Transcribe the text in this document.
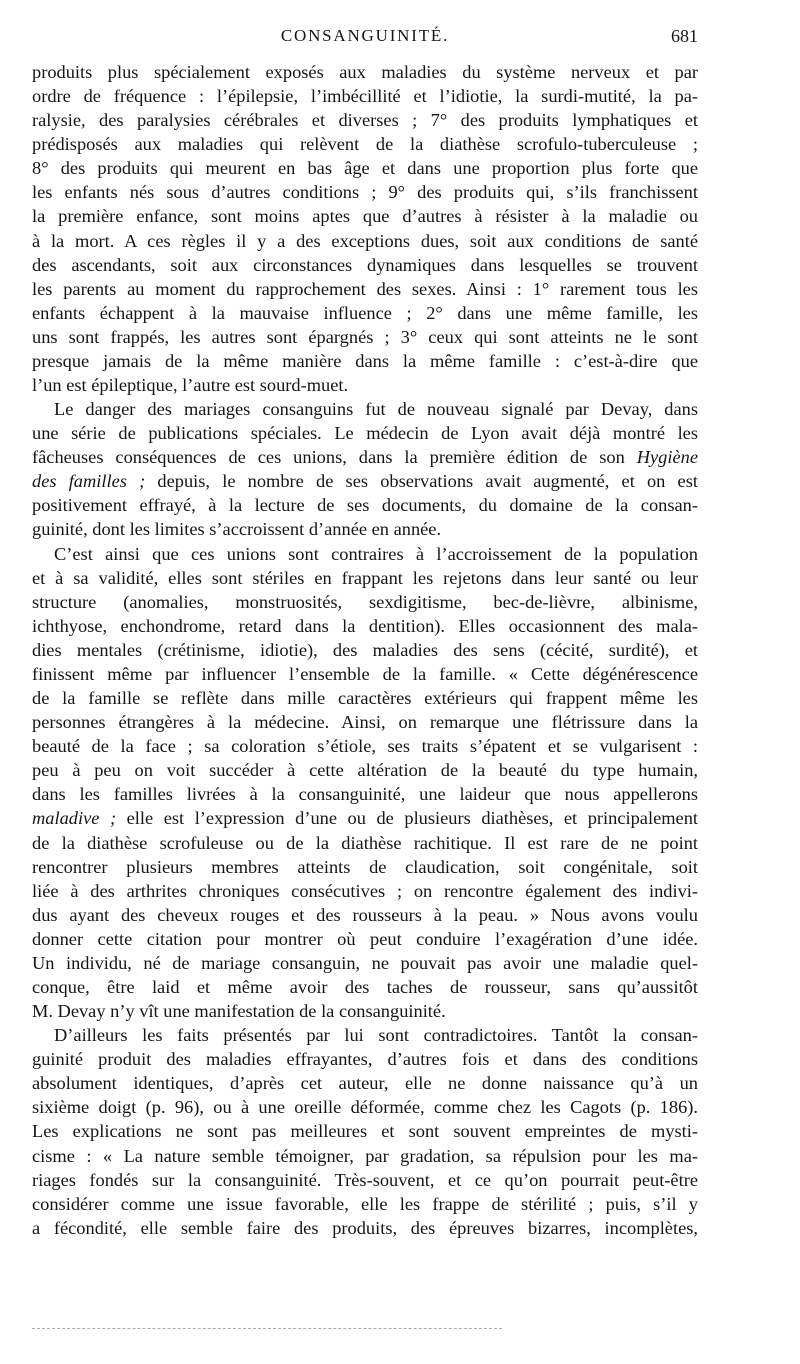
CONSANGUINITÉ.	681
produits plus spécialement exposés aux maladies du système nerveux et par
ordre de fréquence : l’épilepsie, l’imbécillité et l’idiotie, la surdi-mutité, la pa-
ralysie, des paralysies cérébrales et diverses ; 7° des produits lymphatiques et
prédisposés aux maladies qui relèvent de la diathèse scrofulo-tuberculeuse ;
8° des produits qui meurent en bas âge et dans une proportion plus forte que
les enfants nés sous d’autres conditions ; 9° des produits qui, s’ils franchissent
la première enfance, sont moins aptes que d’autres à résister à la maladie ou
à la mort. A ces règles il y a des exceptions dues, soit aux conditions de santé
des ascendants, soit aux circonstances dynamiques dans lesquelles se trouvent
les parents au moment du rapprochement des sexes. Ainsi : 1° rarement tous les
enfants échappent à la mauvaise influence ; 2° dans une même famille, les
uns sont frappés, les autres sont épargnés ; 3° ceux qui sont atteints ne le sont
presque jamais de la même manière dans la même famille : c’est-à-dire que
l’un est épileptique, l’autre est sourd-muet.
Le danger des mariages consanguins fut de nouveau signalé par Devay, dans
une série de publications spéciales. Le médecin de Lyon avait déjà montré les
fâcheuses conséquences de ces unions, dans la première édition de son Hygiène
des familles ; depuis, le nombre de ses observations avait augmenté, et on est
positivement effrayé, à la lecture de ses documents, du domaine de la consan-
guinité, dont les limites s’accroissent d’année en année.
C’est ainsi que ces unions sont contraires à l’accroissement de la population
et à sa validité, elles sont stériles en frappant les rejetons dans leur santé ou leur
structure (anomalies, monstruosités, sexdigitisme, bec-de-lièvre, albinisme,
ichthyose, enchondrome, retard dans la dentition). Elles occasionnent des mala-
dies mentales (crétinisme, idiotie), des maladies des sens (cécité, surdité), et
finissent même par influencer l’ensemble de la famille. « Cette dégénérescence
de la famille se reflète dans mille caractères extérieurs qui frappent même les
personnes étrangères à la médecine. Ainsi, on remarque une flétrissure dans la
beauté de la face ; sa coloration s’étiole, ses traits s’épatent et se vulgarisent :
peu à peu on voit succéder à cette altération de la beauté du type humain,
dans les familles livrées à la consanguinité, une laideur que nous appellerons
maladive ; elle est l’expression d’une ou de plusieurs diathèses, et principalement
de la diathèse scrofuleuse ou de la diathèse rachitique. Il est rare de ne point
rencontrer plusieurs membres atteints de claudication, soit congénitale, soit
liée à des arthrites chroniques consécutives ; on rencontre également des indivi-
dus ayant des cheveux rouges et des rousseurs à la peau. » Nous avons voulu
donner cette citation pour montrer où peut conduire l’exagération d’une idée.
Un individu, né de mariage consanguin, ne pouvait pas avoir une maladie quel-
conque, être laid et même avoir des taches de rousseur, sans qu’aussitôt
M. Devay n’y vît une manifestation de la consanguinité.
D’ailleurs les faits présentés par lui sont contradictoires. Tantôt la consan-
guinité produit des maladies effrayantes, d’autres fois et dans des conditions
absolument identiques, d’après cet auteur, elle ne donne naissance qu’à un
sixième doigt (p. 96), ou à une oreille déformée, comme chez les Cagots (p. 186).
Les explications ne sont pas meilleures et sont souvent empreintes de mysti-
cisme : « La nature semble témoigner, par gradation, sa répulsion pour les ma-
riages fondés sur la consanguinité. Très-souvent, et ce qu’on pourrait peut-être
considérer comme une issue favorable, elle les frappe de stérilité ; puis, s’il y
a fécondité, elle semble faire des produits, des épreuves bizarres, incomplètes,
